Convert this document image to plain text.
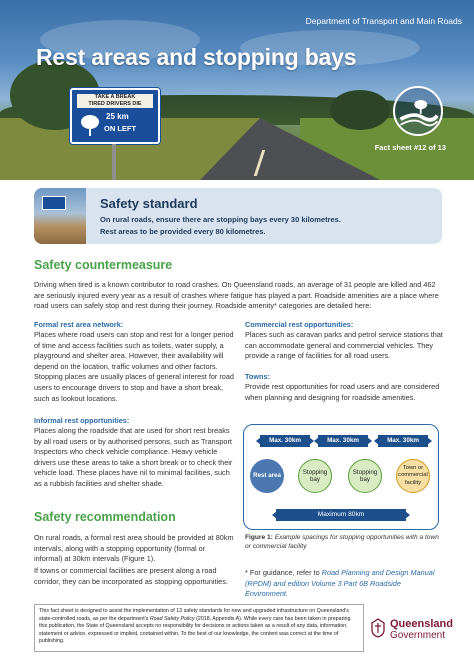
Department of Transport and Main Roads
Rest areas and stopping bays
TAKE A BREAK
TIRED DRIVERS DIE
25 km
ON LEFT
Fact sheet #12 of 13
Safety standard
On rural roads, ensure there are stopping bays every 30 kilometres.
Rest areas to be provided every 80 kilometres.
Safety countermeasure
Driving when tired is a known contributor to road crashes. On Queensland roads, an average of 31 people are killed and 462 are seriously injured every year as a result of crashes where fatigue has played a part. Roadside amenities are a place where road users can safely stop and rest during their journey. Roadside amenity* categories are detailed here:
Formal rest area network:
Places where road users can stop and rest for a longer period of time and access facilities such as toilets, water supply, a playground and shelter area. However, their availability will depend on the location, traffic volumes and other factors. Stopping places are usually places of general interest for road users to encourage drivers to stop and have a short break, such as lookout locations.
Informal rest opportunities:
Places along the roadside that are used for short rest breaks by all road users or by authorised persons, such as Transport Inspectors who check vehicle compliance. Heavy vehicle drivers use these areas to take a short break or to check their vehicle load. These places have nil to minimal facilities, such as a rubbish facilities and shelter shade.
Commercial rest opportunities:
Places such as caravan parks and petrol service stations that can accommodate general and commercial vehicles. They provide a range of facilities for all road users.
Towns:
Provide rest opportunities for road users and are considered when planning and designing for roadside amenities.
Safety recommendation
On rural roads, a formal rest area should be provided at 80km intervals, along with a stopping opportunity (formal or informal) at 30km intervals (Figure 1).
If towns or commercial facilities are present along a road corridor, they can be incorporated as stopping opportunities.
Max. 30km	Max. 30km	Max. 30km
Rest area
Stopping bay
Stopping bay
Town or commercial facility
Maximum 80km
Figure 1: Example spacings for stopping opportunities with a town or commercial facility
* For guidance, refer to Road Planning and Design Manual (RPDM) and edition Volume 3 Part 6B Roadside Environment.
This fact sheet is designed to assist the implementation of 13 safety standards for new and upgraded infrastructure on Queensland's state-controlled roads, as per the department's Road Safety Policy (2018, Appendix A). While every care has been taken in preparing this publication, the State of Queensland accepts no responsibility for decisions or actions taken as a result of any data, information, statement or advice, expressed or implied, contained within. To the best of our knowledge, the content was correct at the time of publishing.
Queensland
Government
